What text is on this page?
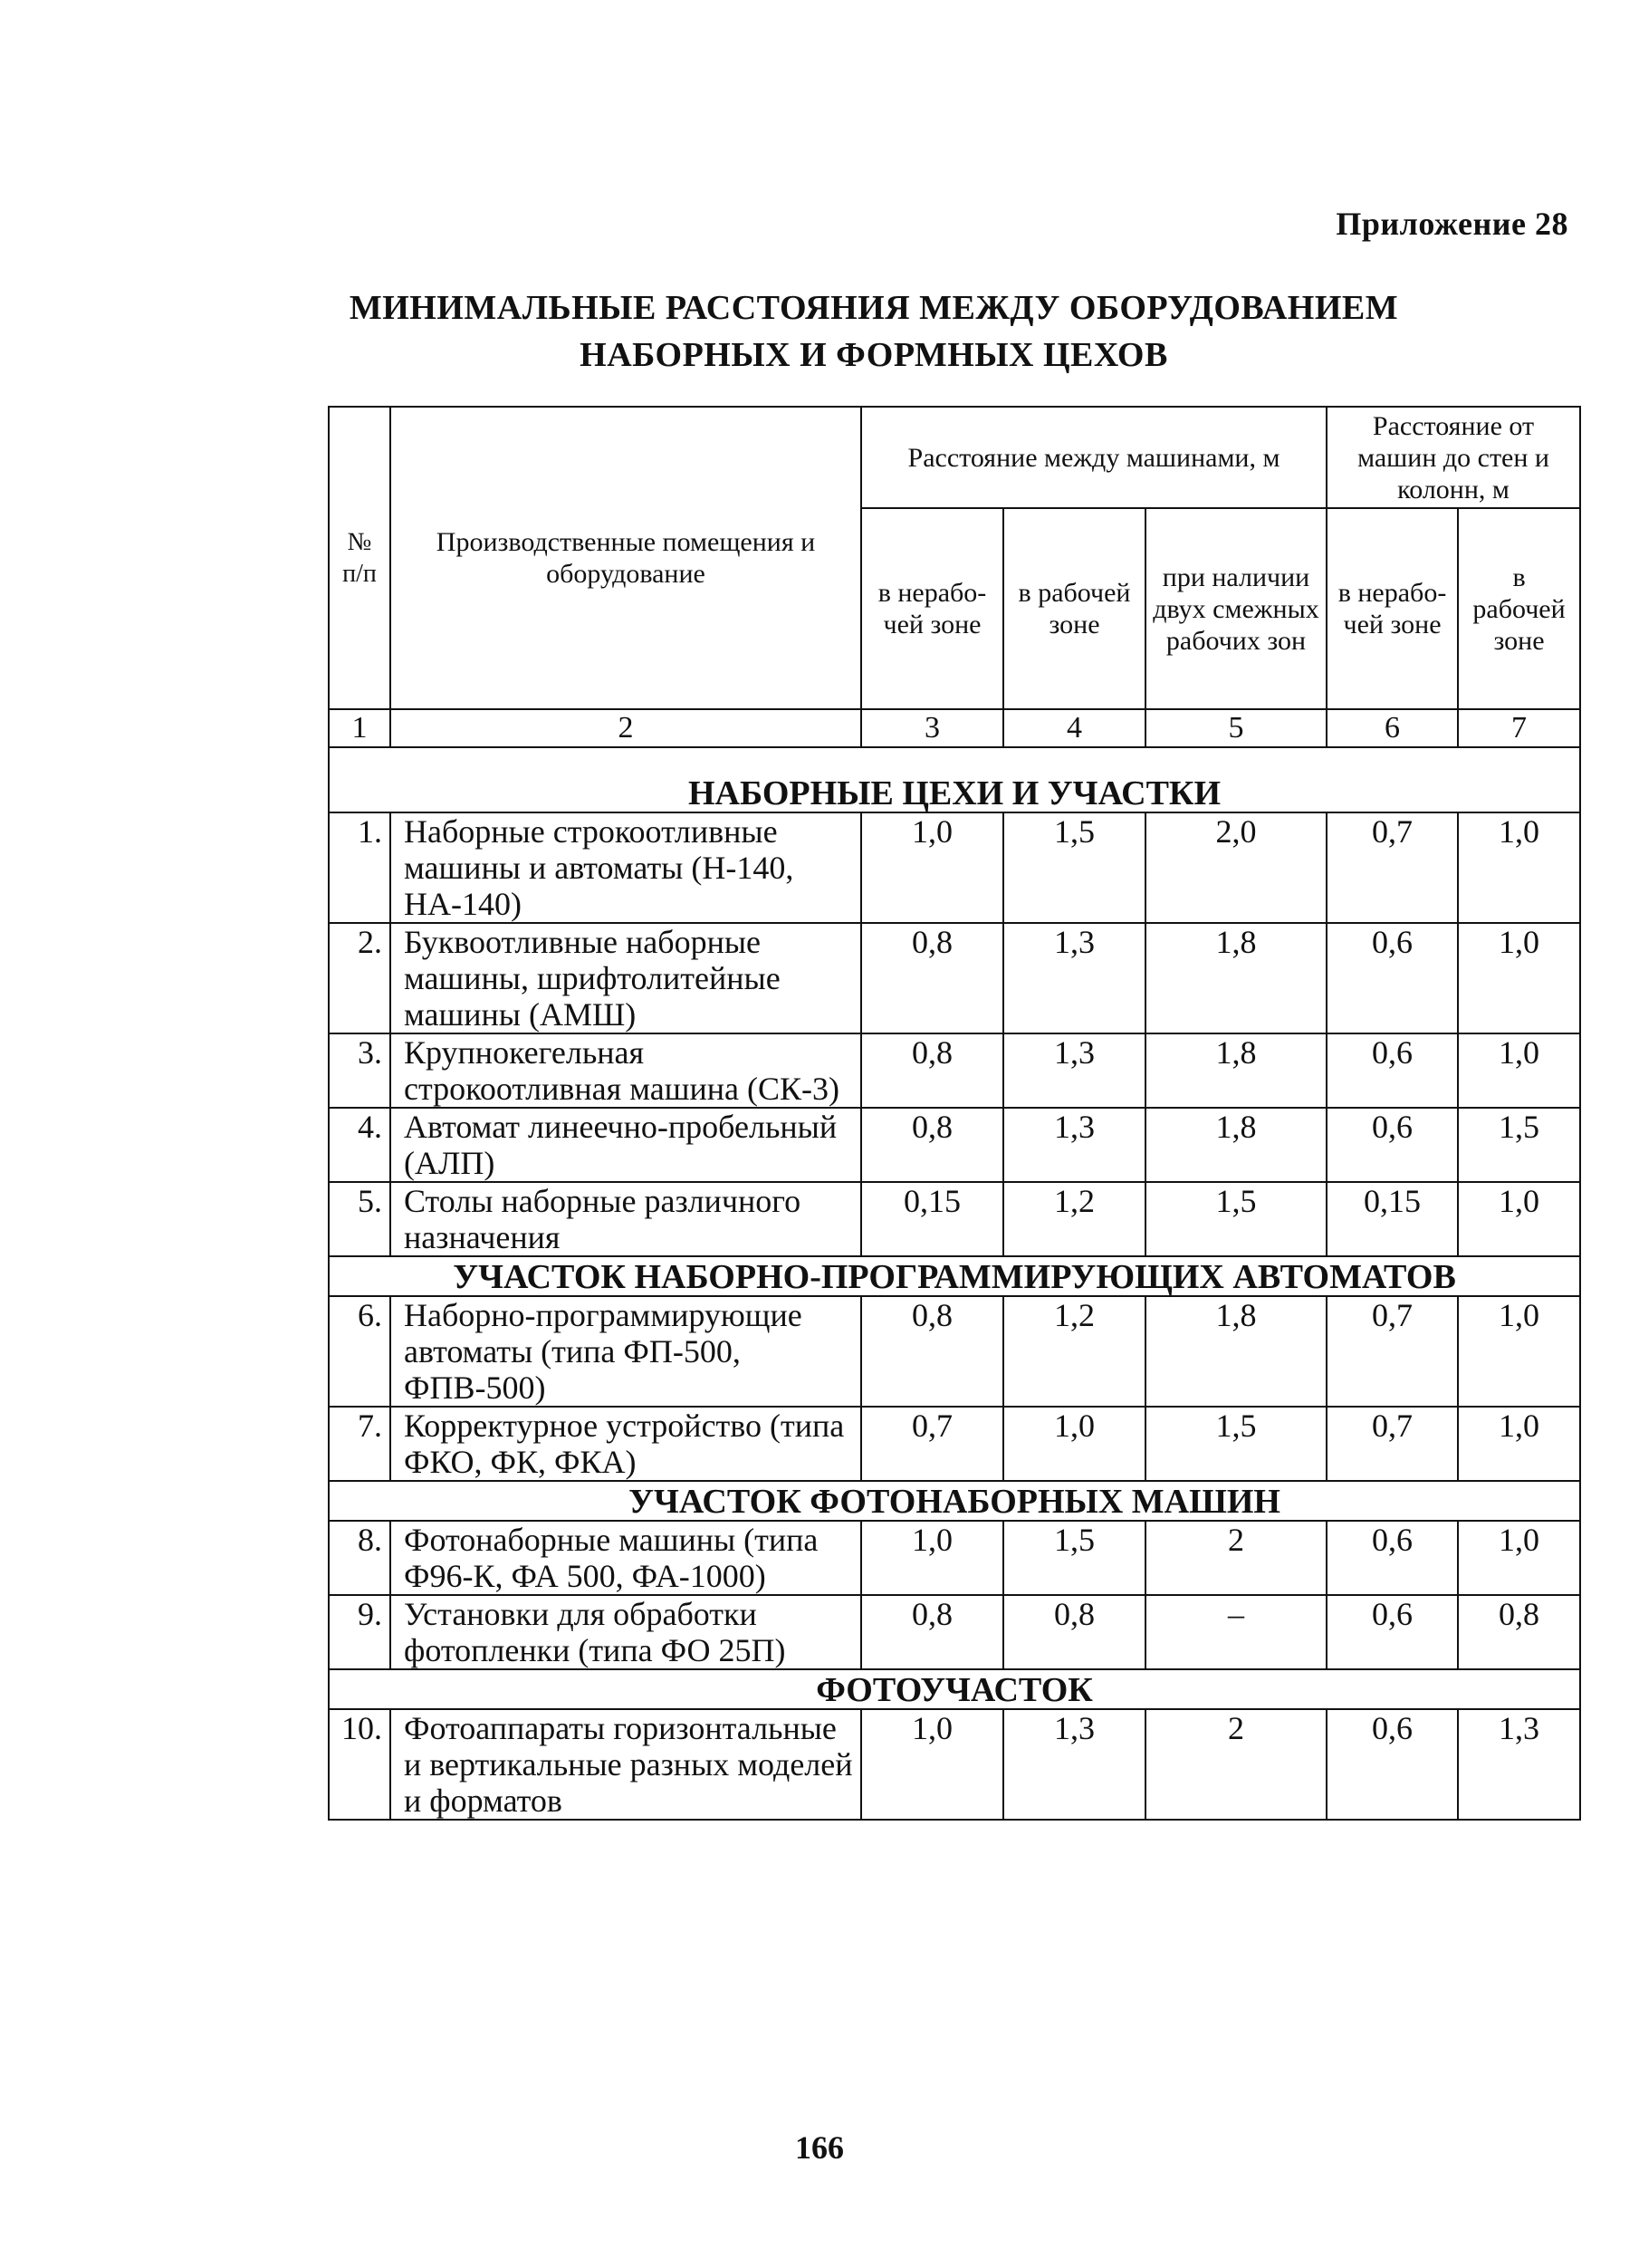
Приложение 28
МИНИМАЛЬНЫЕ РАССТОЯНИЯ МЕЖДУ ОБОРУДОВАНИЕМ
НАБОРНЫХ И ФОРМНЫХ ЦЕХОВ
№ п/п	Производственные помещения и оборудование	Расстояние между машинами, м			Расстояние от машин до стен и колонн, м	
		в нерабо-чей зоне	в рабочей зоне	при наличии двух смежных рабочих зон	в нерабо-чей зоне	в рабочей зоне
1	2	3	4	5	6	7
НАБОРНЫЕ ЦЕХИ И УЧАСТКИ						
1.	Наборные строкоотливные машины и автоматы (Н-140, НА-140)	1,0	1,5	2,0	0,7	1,0
2.	Буквоотливные наборные машины, шрифтолитейные машины (АМШ)	0,8	1,3	1,8	0,6	1,0
3.	Крупнокегельная строкоотливная машина (СК-3)	0,8	1,3	1,8	0,6	1,0
4.	Автомат линеечно-пробельный (АЛП)	0,8	1,3	1,8	0,6	1,5
5.	Столы наборные различного назначения	0,15	1,2	1,5	0,15	1,0
УЧАСТОК НАБОРНО-ПРОГРАММИРУЮЩИХ АВТОМАТОВ						
6.	Наборно-программирующие автоматы (типа ФП-500, ФПВ-500)	0,8	1,2	1,8	0,7	1,0
7.	Корректурное устройство (типа ФКО, ФК, ФКА)	0,7	1,0	1,5	0,7	1,0
УЧАСТОК ФОТОНАБОРНЫХ МАШИН						
8.	Фотонаборные машины (типа Ф96-К, ФА 500, ФА-1000)	1,0	1,5	2	0,6	1,0
9.	Установки для обработки фотопленки (типа ФО 25П)	0,8	0,8	–	0,6	0,8
ФОТОУЧАСТОК						
10.	Фотоаппараты горизонтальные и вертикальные разных моделей и форматов	1,0	1,3	2	0,6	1,3
166
